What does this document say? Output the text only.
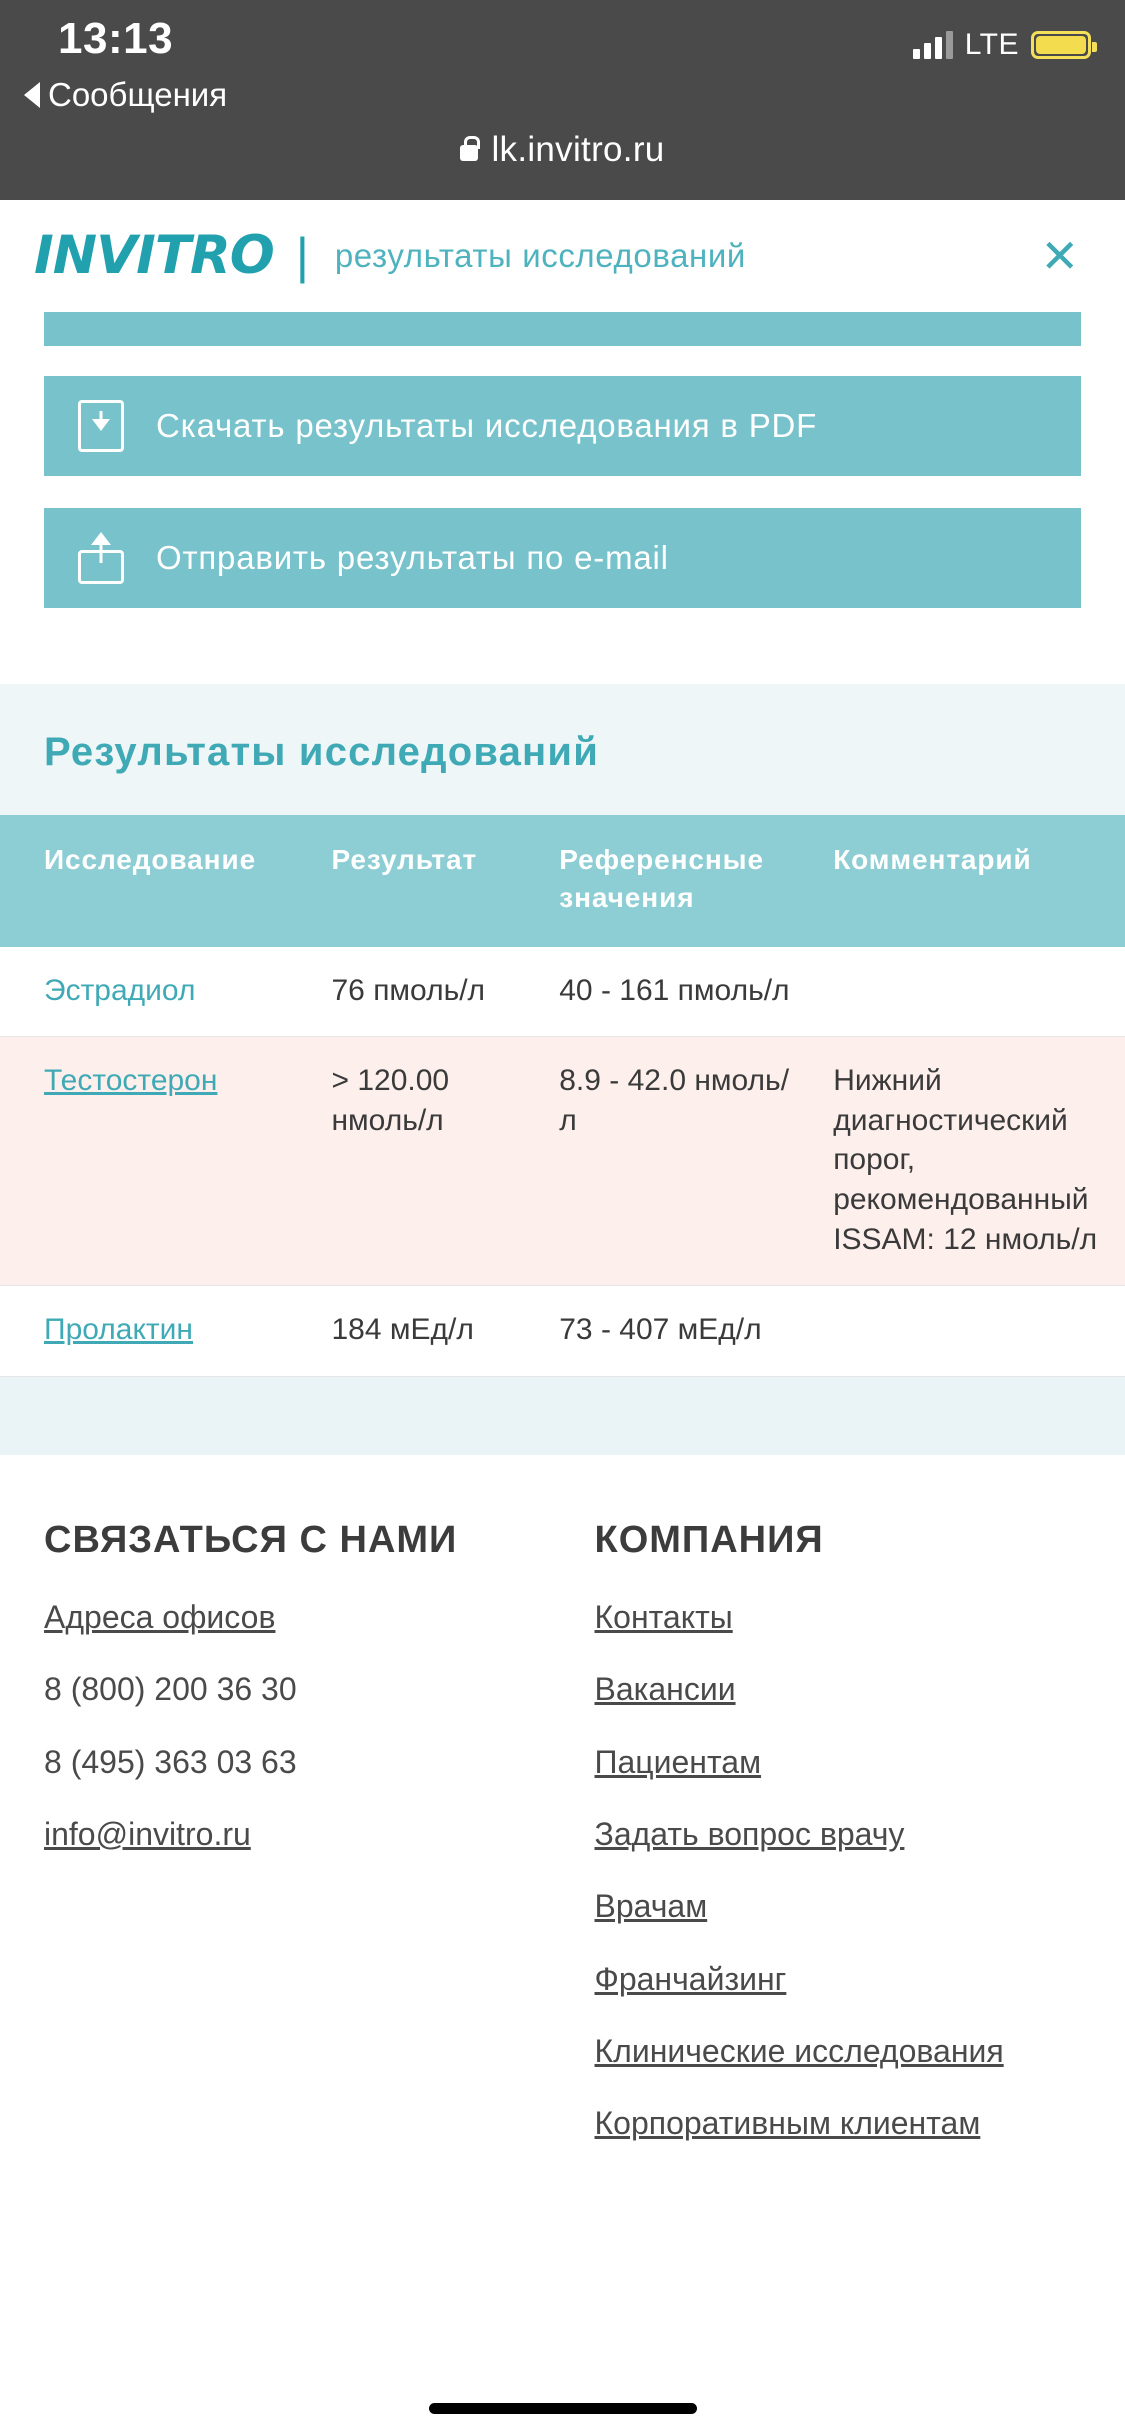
13:13
Сообщения
LTE
lk.invitro.ru
INVITRO | результаты исследований	✕
Скачать результаты исследования в PDF
Отправить результаты по e-mail
Результаты исследований
Исследование	Результат	Референсные значения	Комментарий
Эстрадиол	76 пмоль/л	40 - 161 пмоль/л	
Тестостерон	> 120.00 нмоль/л	8.9 - 42.0 нмоль/л	Нижний диагностический порог, рекомендованный ISSAM: 12 нмоль/л
Пролактин	184 мЕд/л	73 - 407 мЕд/л	
СВЯЗАТЬСЯ С НАМИ
Адреса офисов
8 (800) 200 36 30
8 (495) 363 03 63
info@invitro.ru
КОМПАНИЯ
Контакты
Вакансии
Пациентам
Задать вопрос врачу
Врачам
Франчайзинг
Клинические исследования
Корпоративным клиентам
